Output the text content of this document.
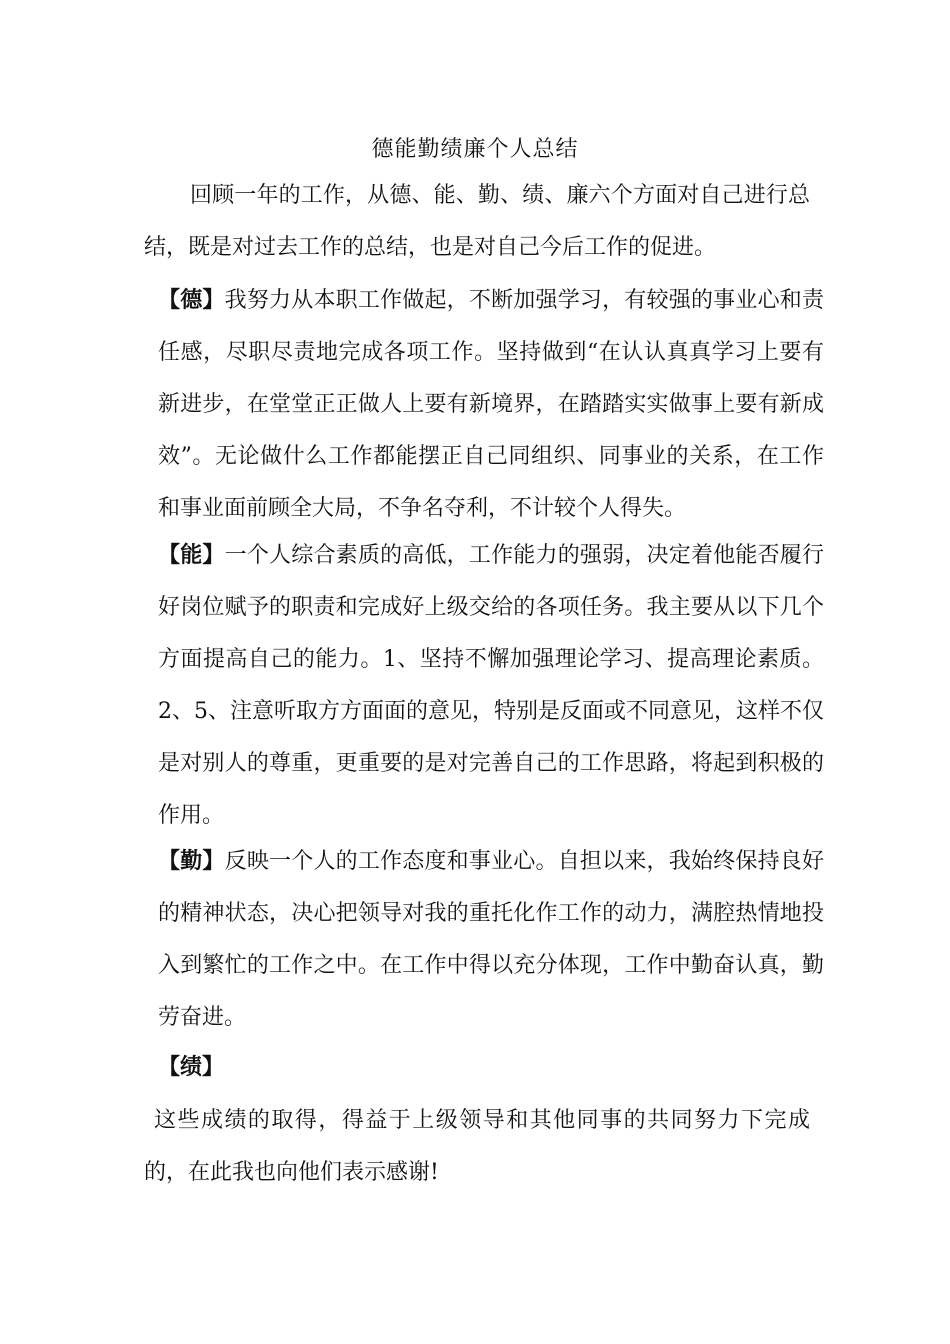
德能勤绩廉个人总结

回顾一年的工作，从德、能、勤、绩、廉六个方面对自己进行总结，既是对过去工作的总结，也是对自己今后工作的促进。

【德】我努力从本职工作做起，不断加强学习，有较强的事业心和责任感，尽职尽责地完成各项工作。坚持做到“在认认真真学习上要有新进步，在堂堂正正做人上要有新境界，在踏踏实实做事上要有新成效”。无论做什么工作都能摆正自己同组织、同事业的关系，在工作和事业面前顾全大局，不争名夺利，不计较个人得失。

【能】一个人综合素质的高低，工作能力的强弱，决定着他能否履行好岗位赋予的职责和完成好上级交给的各项任务。我主要从以下几个方面提高自己的能力。1、坚持不懈加强理论学习、提高理论素质。2、5、注意听取方方面面的意见，特别是反面或不同意见，这样不仅是对别人的尊重，更重要的是对完善自己的工作思路，将起到积极的作用。

【勤】反映一个人的工作态度和事业心。自担以来，我始终保持良好的精神状态，决心把领导对我的重托化作工作的动力，满腔热情地投入到繁忙的工作之中。在工作中得以充分体现，工作中勤奋认真，勤劳奋进。

【绩】

这些成绩的取得，得益于上级领导和其他同事的共同努力下完成的，在此我也向他们表示感谢!
